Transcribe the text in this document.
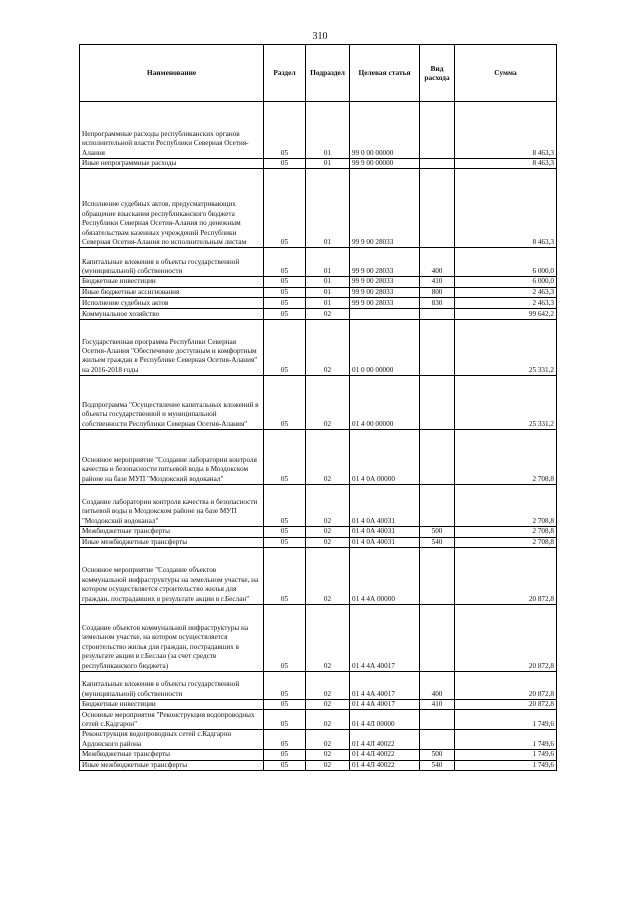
310
Наименование	Раздел	Подраздел	Целевая статья	Вид расхода	Сумма
Непрограммные расходы республиканских органов исполнительной власти Республики Северная Осетия-Алания	05	01	99 0 00 00000		8 463,3
Иные непрограммные расходы	05	01	99 9 00 00000		8 463,3
Исполнение судебных актов, предусматривающих обращение взыскания республиканского бюджета Республики Северная Осетия-Алания по денежным обязательствам казенных учреждений Республики Северная Осетия-Алания по исполнительным листам	05	01	99 9 00 28033		8 463,3
Капитальные вложения в объекты государственной (муниципальной) собственности	05	01	99 9 00 28033	400	6 000,0
Бюджетные инвестиции	05	01	99 9 00 28033	410	6 000,0
Иные бюджетные ассигнования	05	01	99 9 00 28033	800	2 463,3
Исполнение судебных актов	05	01	99 9 00 28033	830	2 463,3
Коммунальное хозяйство	05	02			99 642,2
Государственная программа Республики Северная Осетия-Алания "Обеспечение доступным и комфортным жильем граждан в Республике Северная Осетия-Алания" на 2016-2018 годы	05	02	01 0 00 00000		25 331,2
Подпрограмма "Осуществление капитальных вложений в объекты государственной и муниципальной собственности Республики Северная Осетия-Алания"	05	02	01 4 00 00000		25 331,2
Основное мероприятие "Создание лаборатории контроля качества и безопасности питьевой воды в Моздокском районе на базе МУП "Моздокский водоканал"	05	02	01 4 0А 00000		2 708,8
Создание лаборатории контроля качества и безопасности питьевой воды в Моздокском районе на базе МУП "Моздокский водоканал"	05	02	01 4 0А 40031		2 708,8
Межбюджетные трансферты	05	02	01 4 0А 40031	500	2 708,8
Иные межбюджетные трансферты	05	02	01 4 0А 40031	540	2 708,8
Основное мероприятие "Создание объектов коммунальной инфраструктуры на земельном участке, на котором осуществляется строительство жилья для граждан, пострадавших в результате акции в г.Беслан"	05	02	01 4 4А 00000		20 872,8
Создание объектов коммунальной инфраструктуры на земельном участке, на котором осуществляется строительство жилья для граждан, пострадавших в результате акции в г.Беслан (за счет средств республиканского бюджета)	05	02	01 4 4А 40017		20 872,8
Капитальные вложения в объекты государственной (муниципальной) собственности	05	02	01 4 4А 40017	400	20 872,8
Бюджетные инвестиции	05	02	01 4 4А 40017	410	20 872,8
Основные мероприятия "Реконструкция водопроводных сетей с.Кадгарон"	05	02	01 4 4Л 00000		1 749,6
Реконструкция водопроводных сетей с.Кадгарон Ардонского района	05	02	01 4 4Л 40022		1 749,6
Межбюджетные трансферты	05	02	01 4 4Л 40022	500	1 749,6
Иные межбюджетные трансферты	05	02	01 4 4Л 40022	540	1 749,6
